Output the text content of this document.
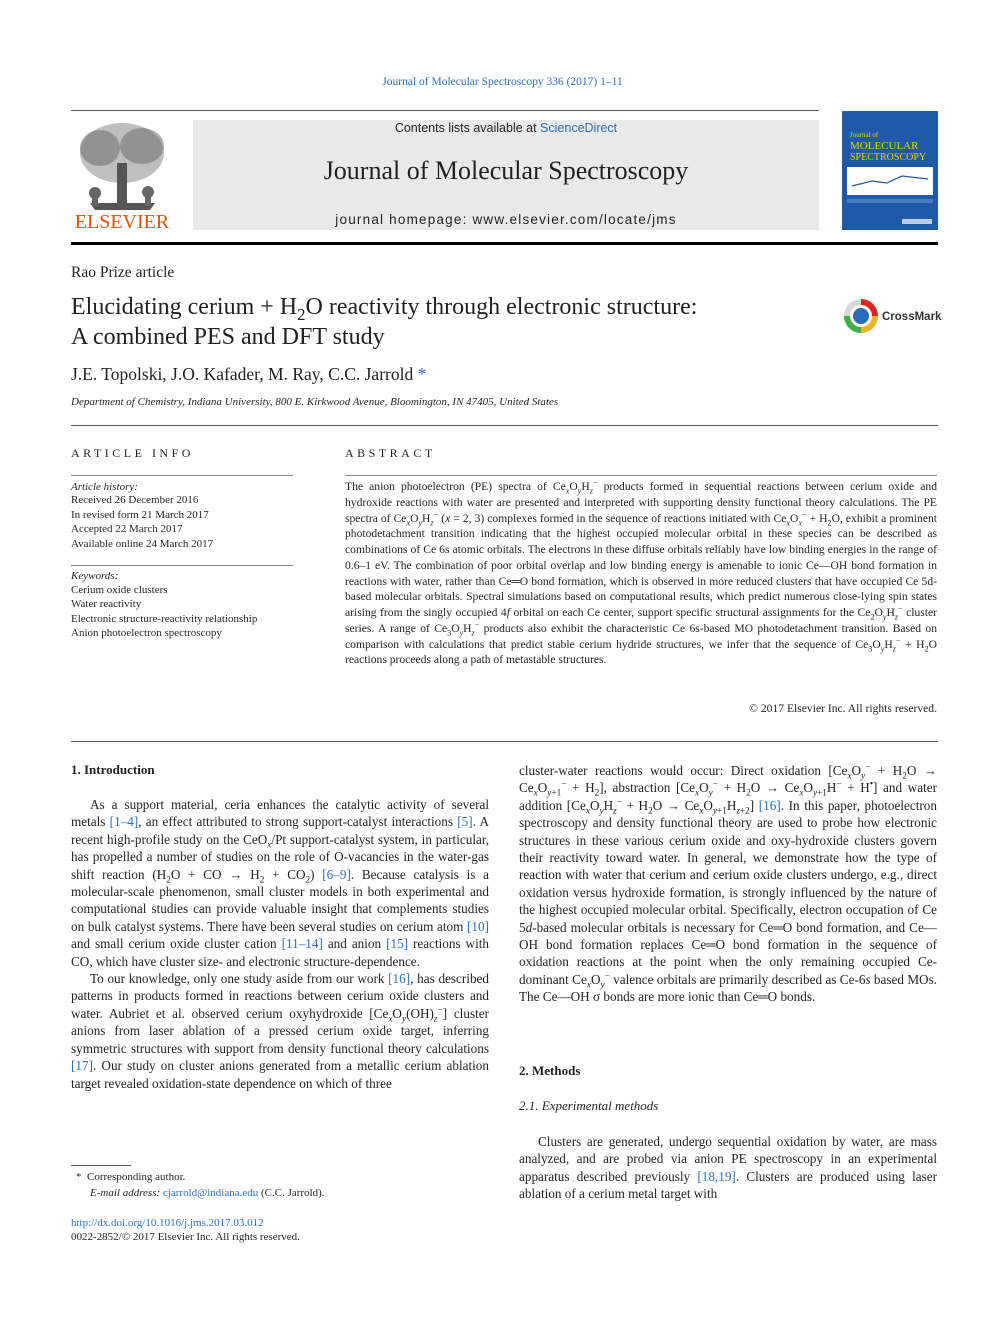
Journal of Molecular Spectroscopy 336 (2017) 1–11
ELSEVIER
Contents lists available at ScienceDirect
Journal of Molecular Spectroscopy
journal homepage: www.elsevier.com/locate/jms
Journal of
MOLECULAR
SPECTROSCOPY
Rao Prize article
Elucidating cerium + $H_2O$ reactivity through electronic structure:
A combined PES and DFT study
CrossMark
J.E. Topolski, J.O. Kafader, M. Ray, C.C. Jarrold *
Department of Chemistry, Indiana University, 800 E. Kirkwood Avenue, Bloomington, IN 47405, United States
ARTICLE INFO
Article history:
Received 26 December 2016
In revised form 21 March 2017
Accepted 22 March 2017
Available online 24 March 2017
Keywords:
Cerium oxide clusters
Water reactivity
Electronic structure-reactivity relationship
Anion photoelectron spectroscopy
ABSTRACT
The anion photoelectron (PE) spectra of $Ce_xO_yH_z^-$ products formed in sequential reactions between cerium oxide and hydroxide reactions with water are presented and interpreted with supporting density functional theory calculations. The PE spectra of $Ce_xO_yH_z^-$ (x = 2, 3) complexes formed in the sequence of reactions initiated with $Ce_xO_x^- + H_2O$, exhibit a prominent photodetachment transition indicating that the highest occupied molecular orbital in these species can be described as combinations of Ce 6s atomic orbitals. The electrons in these diffuse orbitals reliably have low binding energies in the range of 0.6–1 eV. The combination of poor orbital overlap and low binding energy is amenable to ionic Ce—OH bond formation in reactions with water, rather than Ce═O bond formation, which is observed in more reduced clusters that have occupied Ce 5d-based molecular orbitals. Spectral simulations based on computational results, which predict numerous close-lying spin states arising from the singly occupied 4f orbital on each Ce center, support specific structural assignments for the $Ce_2O_yH_z^-$ cluster series. A range of $Ce_3O_yH_z^-$ products also exhibit the characteristic Ce 6s-based MO photodetachment transition. Based on comparison with calculations that predict stable cerium hydride structures, we infer that the sequence of $Ce_3O_yH_z^- + H_2O$ reactions proceeds along a path of metastable structures.
© 2017 Elsevier Inc. All rights reserved.
1. Introduction

As a support material, ceria enhances the catalytic activity of several metals [1–4], an effect attributed to strong support-catalyst interactions [5]. A recent high-profile study on the CeO$_x$/Pt support-catalyst system, in particular, has propelled a number of studies on the role of O-vacancies in the water-gas shift reaction ($H_2O$ + CO → $H_2 + CO_2$) [6–9]. Because catalysis is a molecular-scale phenomenon, small cluster models in both experimental and computational studies can provide valuable insight that complements studies on bulk catalyst systems. There have been several studies on cerium atom [10] and small cerium oxide cluster cation [11–14] and anion [15] reactions with CO, which have cluster size- and electronic structure-dependence.

To our knowledge, only one study aside from our work [16], has described patterns in products formed in reactions between cerium oxide clusters and water. Aubriet et al. observed cerium oxyhydroxide $[Ce_xO_y(OH)_z^-]$ cluster anions from laser ablation of a pressed cerium oxide target, inferring symmetric structures with support from density functional theory calculations [17]. Our study on cluster anions generated from a metallic cerium ablation target revealed oxidation-state dependence on which of three

cluster-water reactions would occur: Direct oxidation $[Ce_xO_y^- + H_2O \to Ce_xO_{y+1}^- + H_2]$, abstraction $[Ce_xO_y^- + H_2O \to Ce_xO_{y+1}H^- + H^•]$ and water addition $[Ce_xO_yH_z^- + H_2O \to Ce_xO_{y+1}H_{z+2}]$ [16]. In this paper, photoelectron spectroscopy and density functional theory are used to probe how electronic structures in these various cerium oxide and oxy-hydroxide clusters govern their reactivity toward water. In general, we demonstrate how the type of reaction with water that cerium and cerium oxide clusters undergo, e.g., direct oxidation versus hydroxide formation, is strongly influenced by the nature of the highest occupied molecular orbital. Specifically, electron occupation of Ce 5d-based molecular orbitals is necessary for Ce═O bond formation, and Ce—OH bond formation replaces Ce═O bond formation in the sequence of oxidation reactions at the point when the only remaining occupied Ce-dominant $Ce_xO_y^-$ valence orbitals are primarily described as Ce-6s based MOs. The Ce—OH σ bonds are more ionic than Ce═O bonds.

2. Methods
2.1. Experimental methods

Clusters are generated, undergo sequential oxidation by water, are mass analyzed, and are probed via anion PE spectroscopy in an experimental apparatus described previously [18,19]. Clusters are produced using laser ablation of a cerium metal target with

* Corresponding author.
E-mail address: cjarrold@indiana.edu (C.C. Jarrold).
http://dx.doi.org/10.1016/j.jms.2017.03.012
0022-2852/© 2017 Elsevier Inc. All rights reserved.
